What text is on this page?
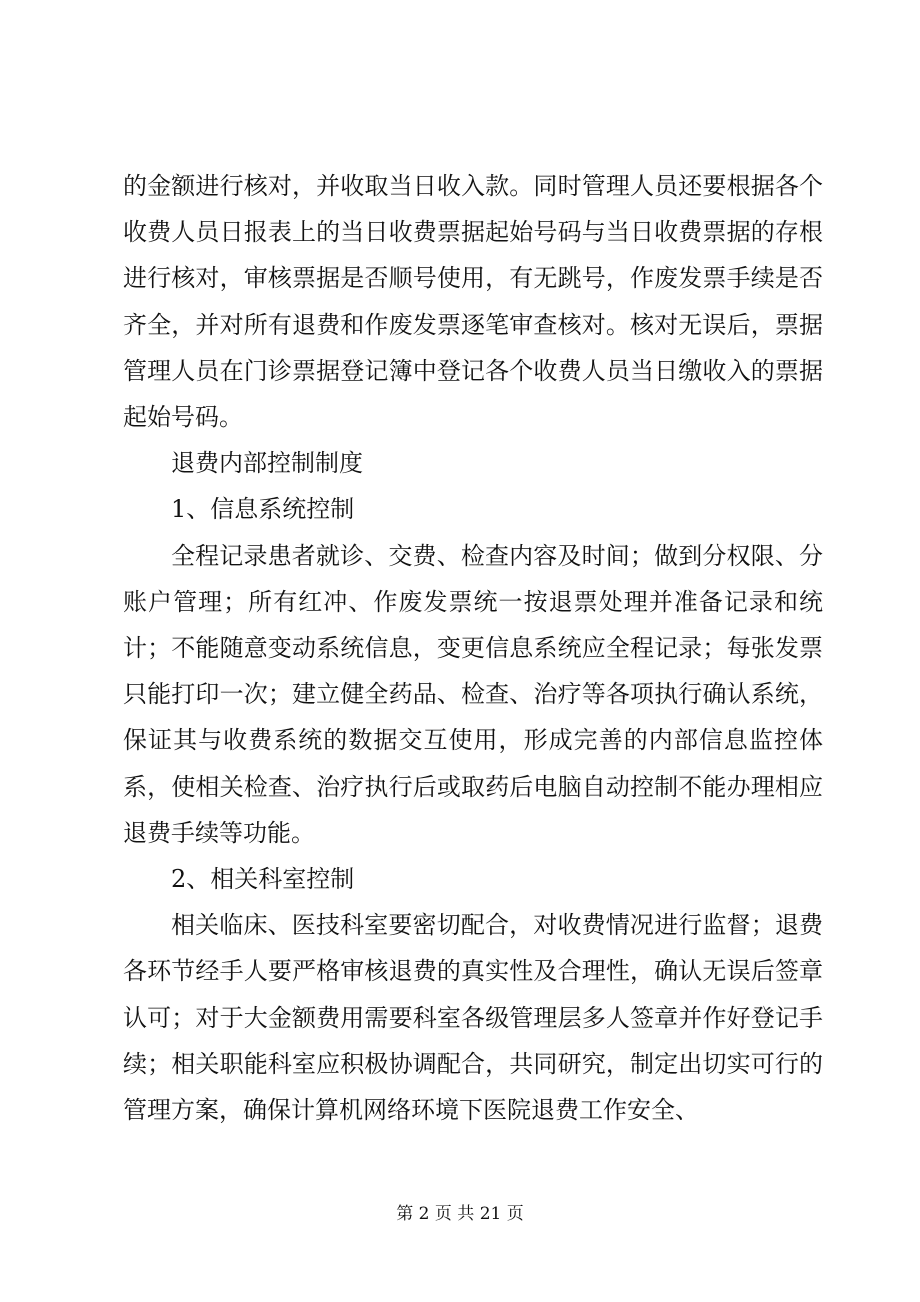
的金额进行核对，并收取当日收入款。同时管理人员还要根据各个收费人员日报表上的当日收费票据起始号码与当日收费票据的存根进行核对，审核票据是否顺号使用，有无跳号，作废发票手续是否齐全，并对所有退费和作废发票逐笔审查核对。核对无误后，票据管理人员在门诊票据登记簿中登记各个收费人员当日缴收入的票据起始号码。

退费内部控制制度

1、信息系统控制

全程记录患者就诊、交费、检查内容及时间；做到分权限、分账户管理；所有红冲、作废发票统一按退票处理并准备记录和统计；不能随意变动系统信息，变更信息系统应全程记录；每张发票只能打印一次；建立健全药品、检查、治疗等各项执行确认系统，保证其与收费系统的数据交互使用，形成完善的内部信息监控体系，使相关检查、治疗执行后或取药后电脑自动控制不能办理相应退费手续等功能。

2、相关科室控制

相关临床、医技科室要密切配合，对收费情况进行监督；退费各环节经手人要严格审核退费的真实性及合理性，确认无误后签章认可；对于大金额费用需要科室各级管理层多人签章并作好登记手续；相关职能科室应积极协调配合，共同研究，制定出切实可行的管理方案，确保计算机网络环境下医院退费工作安全、

第 2 页 共 21 页
